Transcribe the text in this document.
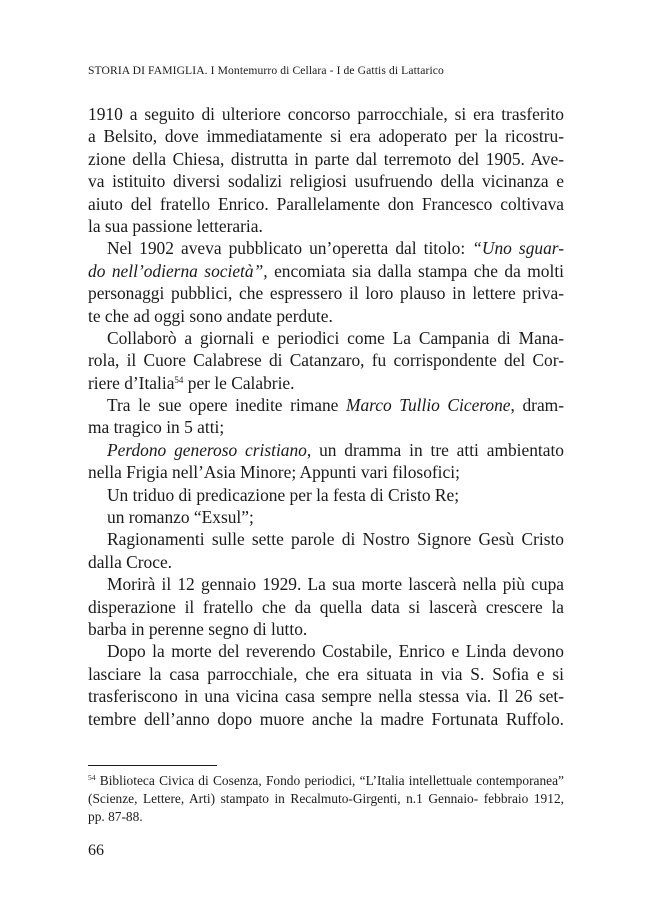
STORIA DI FAMIGLIA. I Montemurro di Cellara - I de Gattis di Lattarico
1910 a seguito di ulteriore concorso parrocchiale, si era trasferito
a Belsito, dove immediatamente si era adoperato per la ricostru-
zione della Chiesa, distrutta in parte dal terremoto del 1905. Ave-
va istituito diversi sodalizi religiosi usufruendo della vicinanza e
aiuto del fratello Enrico. Parallelamente don Francesco coltivava
la sua passione letteraria.
Nel 1902 aveva pubblicato un’operetta dal titolo: “Uno sguar-
do nell’odierna società”, encomiata sia dalla stampa che da molti
personaggi pubblici, che espressero il loro plauso in lettere priva-
te che ad oggi sono andate perdute.
Collaborò a giornali e periodici come La Campania di Mana-
rola, il Cuore Calabrese di Catanzaro, fu corrispondente del Cor-
riere d’Italia$^{54}$ per le Calabrie.
Tra le sue opere inedite rimane Marco Tullio Cicerone, dram-
ma tragico in 5 atti;
Perdono generoso cristiano, un dramma in tre atti ambientato
nella Frigia nell’Asia Minore; Appunti vari filosofici;
Un triduo di predicazione per la festa di Cristo Re;
un romanzo “Exsul”;
Ragionamenti sulle sette parole di Nostro Signore Gesù Cristo
dalla Croce.
Morirà il 12 gennaio 1929. La sua morte lascerà nella più cupa
disperazione il fratello che da quella data si lascerà crescere la
barba in perenne segno di lutto.
Dopo la morte del reverendo Costabile, Enrico e Linda devono
lasciare la casa parrocchiale, che era situata in via S. Sofia e si
trasferiscono in una vicina casa sempre nella stessa via. Il 26 set-
tembre dell’anno dopo muore anche la madre Fortunata Ruffolo.
$^{54}$ Biblioteca Civica di Cosenza, Fondo periodici, “L’Italia intellettuale contemporanea”
(Scienze, Lettere, Arti) stampato in Recalmuto-Girgenti, n.1 Gennaio- febbraio 1912,
pp. 87-88.
66
